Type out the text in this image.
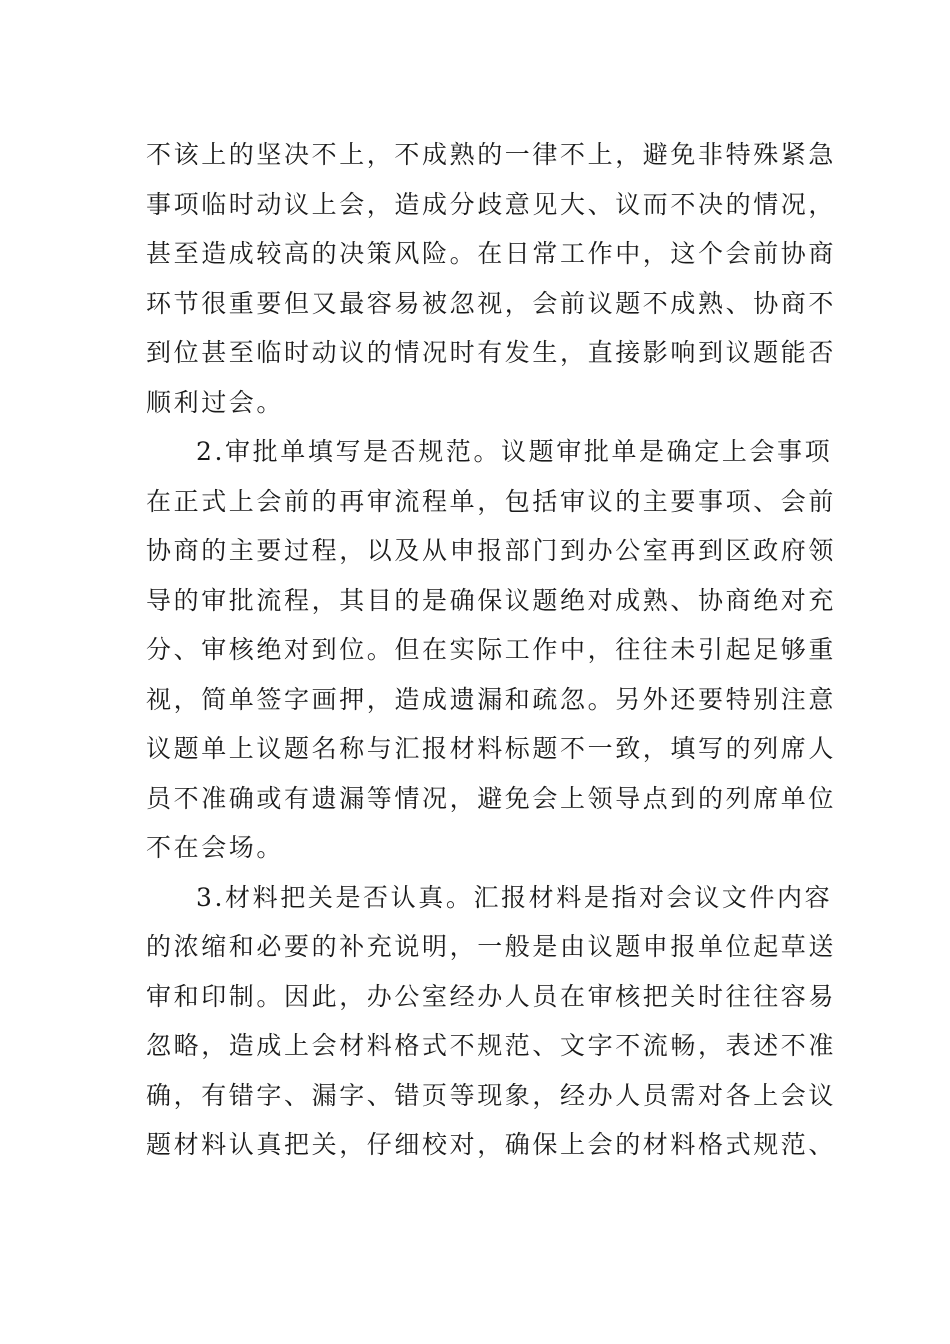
不该上的坚决不上，不成熟的一律不上，避免非特殊紧急
事项临时动议上会，造成分歧意见大、议而不决的情况，
甚至造成较高的决策风险。在日常工作中，这个会前协商
环节很重要但又最容易被忽视，会前议题不成熟、协商不
到位甚至临时动议的情况时有发生，直接影响到议题能否
顺利过会。
2.审批单填写是否规范。议题审批单是确定上会事项
在正式上会前的再审流程单，包括审议的主要事项、会前
协商的主要过程，以及从申报部门到办公室再到区政府领
导的审批流程，其目的是确保议题绝对成熟、协商绝对充
分、审核绝对到位。但在实际工作中，往往未引起足够重
视，简单签字画押，造成遗漏和疏忽。另外还要特别注意
议题单上议题名称与汇报材料标题不一致，填写的列席人
员不准确或有遗漏等情况，避免会上领导点到的列席单位
不在会场。
3.材料把关是否认真。汇报材料是指对会议文件内容
的浓缩和必要的补充说明，一般是由议题申报单位起草送
审和印制。因此，办公室经办人员在审核把关时往往容易
忽略，造成上会材料格式不规范、文字不流畅，表述不准
确，有错字、漏字、错页等现象，经办人员需对各上会议
题材料认真把关，仔细校对，确保上会的材料格式规范、
